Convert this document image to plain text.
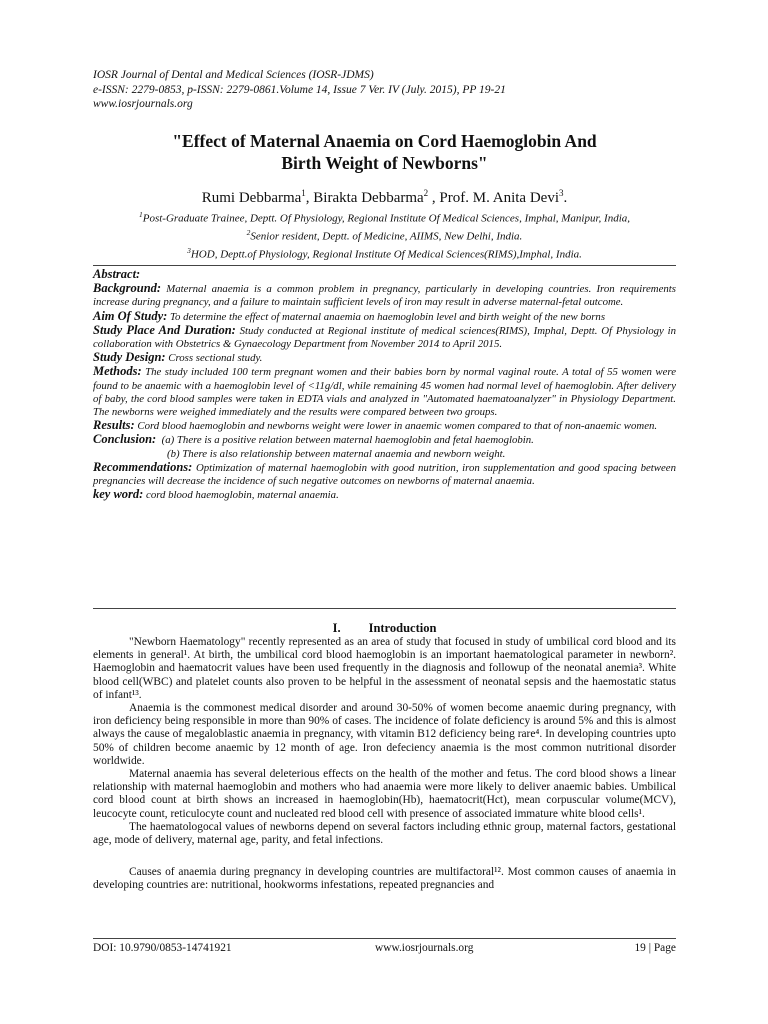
IOSR Journal of Dental and Medical Sciences (IOSR-JDMS)
e-ISSN: 2279-0853, p-ISSN: 2279-0861.Volume 14, Issue 7 Ver. IV (July. 2015), PP 19-21
www.iosrjournals.org
"Effect of Maternal Anaemia on Cord Haemoglobin And
Birth Weight of Newborns"
Rumi Debbarma$^1$, Birakta Debbarma$^2$ , Prof. M. Anita Devi$^3$.
$^1$Post-Graduate Trainee, Deptt. Of Physiology, Regional Institute Of Medical Sciences, Imphal, Manipur, India,
$^2$Senior resident, Deptt. of Medicine, AIIMS, New Delhi, India.
$^3$HOD, Deptt.of Physiology, Regional Institute Of Medical Sciences(RIMS),Imphal, India.

Abstract:

Background: Maternal anaemia is a common problem in pregnancy, particularly in developing countries. Iron requirements increase during pregnancy, and a failure to maintain sufficient levels of iron may result in adverse maternal-fetal outcome.

Aim Of Study: To determine the effect of maternal anaemia on haemoglobin level and birth weight of the new borns

Study Place And Duration: Study conducted at Regional institute of medical sciences(RIMS), Imphal, Deptt. Of Physiology in collaboration with Obstetrics & Gynaecology Department from November 2014 to April 2015.

Study Design: Cross sectional study.

Methods: The study included 100 term pregnant women and their babies born by normal vaginal route. A total of 55 women were found to be anaemic with a haemoglobin level of <11g/dl, while remaining 45 women had normal level of haemoglobin. After delivery of baby, the cord blood samples were taken in EDTA vials and analyzed in "Automated haematoanalyzer" in Physiology Department. The newborns were weighed immediately and the results were compared between two groups.

Results: Cord blood haemoglobin and newborns weight were lower in anaemic women compared to that of non-anaemic women.

Conclusion: (a) There is a positive relation between maternal haemoglobin and fetal haemoglobin.

(b) There is also relationship between maternal anaemia and newborn weight.

Recommendations: Optimization of maternal haemoglobin with good nutrition, iron supplementation and good spacing between pregnancies will decrease the incidence of such negative outcomes on newborns of maternal anaemia.

key word: cord blood haemoglobin, maternal anaemia.

I. Introduction

"Newborn Haematology" recently represented as an area of study that focused in study of umbilical cord blood and its elements in general¹. At birth, the umbilical cord blood haemoglobin is an important haematological parameter in newborn². Haemoglobin and haematocrit values have been used frequently in the diagnosis and followup of the neonatal anemia³. White blood cell(WBC) and platelet counts also proven to be helpful in the assessment of neonatal sepsis and the haemostatic status of infant¹³.

Anaemia is the commonest medical disorder and around 30-50% of women become anaemic during pregnancy, with iron deficiency being responsible in more than 90% of cases. The incidence of folate deficiency is around 5% and this is almost always the cause of megaloblastic anaemia in pregnancy, with vitamin B12 deficiency being rare⁴. In developing countries upto 50% of children become anaemic by 12 month of age. Iron defeciency anaemia is the most common nutritional disorder worldwide.

Maternal anaemia has several deleterious effects on the health of the mother and fetus. The cord blood shows a linear relationship with maternal haemoglobin and mothers who had anaemia were more likely to deliver anaemic babies. Umbilical cord blood count at birth shows an increased in haemoglobin(Hb), haematocrit(Hct), mean corpuscular volume(MCV), leucocyte count, reticulocyte count and nucleated red blood cell with presence of associated immature white blood cells¹.

The haematologocal values of newborns depend on several factors including ethnic group, maternal factors, gestational age, mode of delivery, maternal age, parity, and fetal infections.

Causes of anaemia during pregnancy in developing countries are multifactoral¹². Most common causes of anaemia in developing countries are: nutritional, hookworms infestations, repeated pregnancies and

DOI: 10.9790/0853-14741921	www.iosrjournals.org	19 | Page
